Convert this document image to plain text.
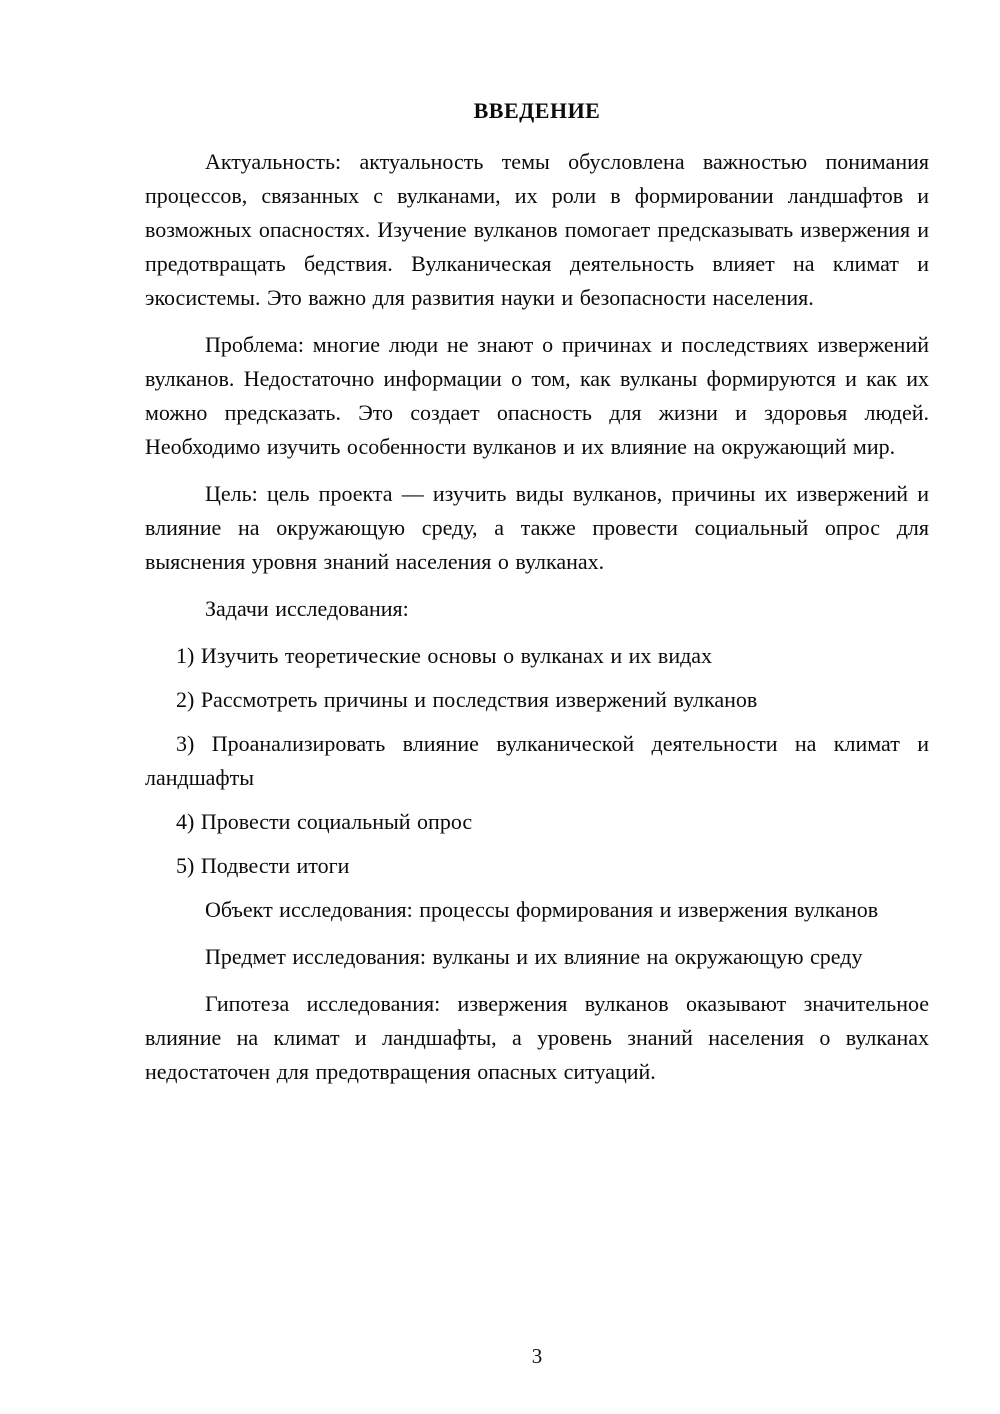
ВВЕДЕНИЕ

Актуальность: актуальность темы обусловлена важностью понимания процессов, связанных с вулканами, их роли в формировании ландшафтов и возможных опасностях. Изучение вулканов помогает предсказывать извержения и предотвращать бедствия. Вулканическая деятельность влияет на климат и экосистемы. Это важно для развития науки и безопасности населения.

Проблема: многие люди не знают о причинах и последствиях извержений вулканов. Недостаточно информации о том, как вулканы формируются и как их можно предсказать. Это создает опасность для жизни и здоровья людей. Необходимо изучить особенности вулканов и их влияние на окружающий мир.

Цель: цель проекта — изучить виды вулканов, причины их извержений и влияние на окружающую среду, а также провести социальный опрос для выяснения уровня знаний населения о вулканах.

Задачи исследования:

1) Изучить теоретические основы о вулканах и их видах

2) Рассмотреть причины и последствия извержений вулканов

3) Проанализировать влияние вулканической деятельности на климат и ландшафты

4) Провести социальный опрос

5) Подвести итоги

Объект исследования: процессы формирования и извержения вулканов

Предмет исследования: вулканы и их влияние на окружающую среду

Гипотеза исследования: извержения вулканов оказывают значительное влияние на климат и ландшафты, а уровень знаний населения о вулканах недостаточен для предотвращения опасных ситуаций.

3
